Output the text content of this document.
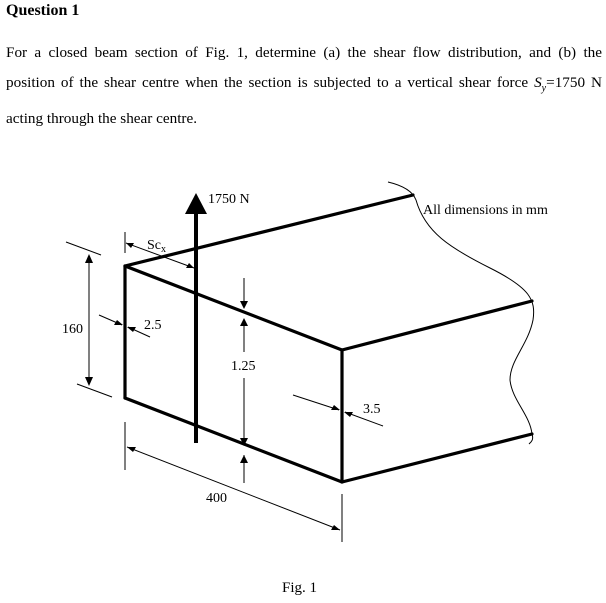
Question 1
For a closed beam section of Fig. 1, determine (a) the shear flow distribution, and (b) the
position of the shear centre when the section is subjected to a vertical shear force $S_y=1750$ N
acting through the shear centre.
1750 N
All dimensions in mm
$Sc_x$
160	2.5
1.25
3.5
400
Fig. 1
